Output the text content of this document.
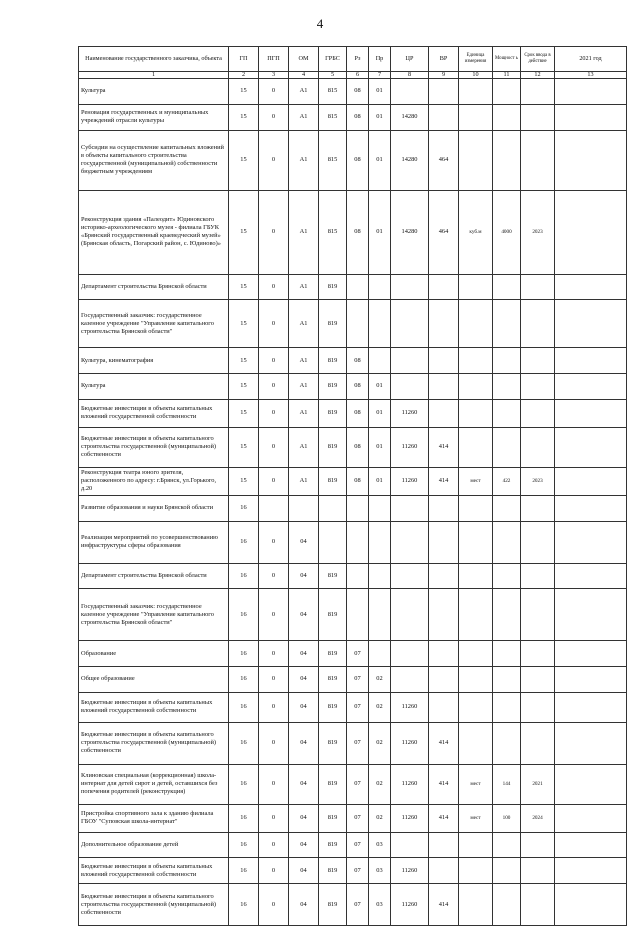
4
Наименование государственного заказчика, объекта	ГП	ПГП	ОМ	ГРБС	Рз	Пр	ЦР	ВР	Единица измерения	Мощност ь	Срок ввода в действие	2021 год	
1	2	3	4	5	6	7	8	9	10	11	12	13	
Культура	15	0	А1	815	08	01							
Реновация государственных и муниципальных учреждений отрасли культуры	15	0	А1	815	08	01	14280						
Субсидии на осуществление капитальных вложений в объекты капитального строительства государственной (муниципальной) собственности бюджетным учреждениям	15	0	А1	815	08	01	14280	464					
Реконструкция здания «Палеодит» Юдиновского историко-археологического музея - филиала ГБУК «Брянский государственный краеведческий музей» (Брянская область, Погарский район, с. Юдиново)»	15	0	А1	815	08	01	14280	464	куб.м	4000	2023		
Департамент строительства Брянской области	15	0	А1	819									
Государственный заказчик: государственное казенное учреждение "Управление капитального строительства Брянской области"	15	0	А1	819									
Культура, кинематография	15	0	А1	819	08								
Культура	15	0	А1	819	08	01							
Бюджетные инвестиции в объекты капитальных вложений государственной собственности	15	0	А1	819	08	01	11260						
Бюджетные инвестиции в объекты капитального строительства государственной (муниципальной) собственности	15	0	А1	819	08	01	11260	414					
Реконструкция театра юного зрителя, расположенного по адресу: г.Брянск, ул.Горького, д.20	15	0	А1	819	08	01	11260	414	мест	422	2023		
Развитие образования и науки Брянской области	16												
Реализация мероприятий по усовершенствованию инфраструктуры сферы образования	16	0	04										
Департамент строительства Брянской области	16	0	04	819									
Государственный заказчик: государственное казенное учреждение "Управление капитального строительства Брянской области"	16	0	04	819									
Образование	16	0	04	819	07								
Общее образование	16	0	04	819	07	02							
Бюджетные инвестиции в объекты капитальных вложений государственной собственности	16	0	04	819	07	02	11260						
Бюджетные инвестиции в объекты капитального строительства государственной (муниципальной) собственности	16	0	04	819	07	02	11260	414					
Клиновская специальная (коррекционная) школа-интернат для детей сирот и детей, оставшихся без попечения родителей (реконструкция)	16	0	04	819	07	02	11260	414	мест	144	2021		
Пристройка спортивного зала к зданию филиала ГБОУ "Суповская школа-интернат"	16	0	04	819	07	02	11260	414	мест	100	2024		
Дополнительное образование детей	16	0	04	819	07	03							
Бюджетные инвестиции в объекты капитальных вложений государственной собственности	16	0	04	819	07	03	11260						
Бюджетные инвестиции в объекты капитального строительства государственной (муниципальной) собственности	16	0	04	819	07	03	11260	414					
